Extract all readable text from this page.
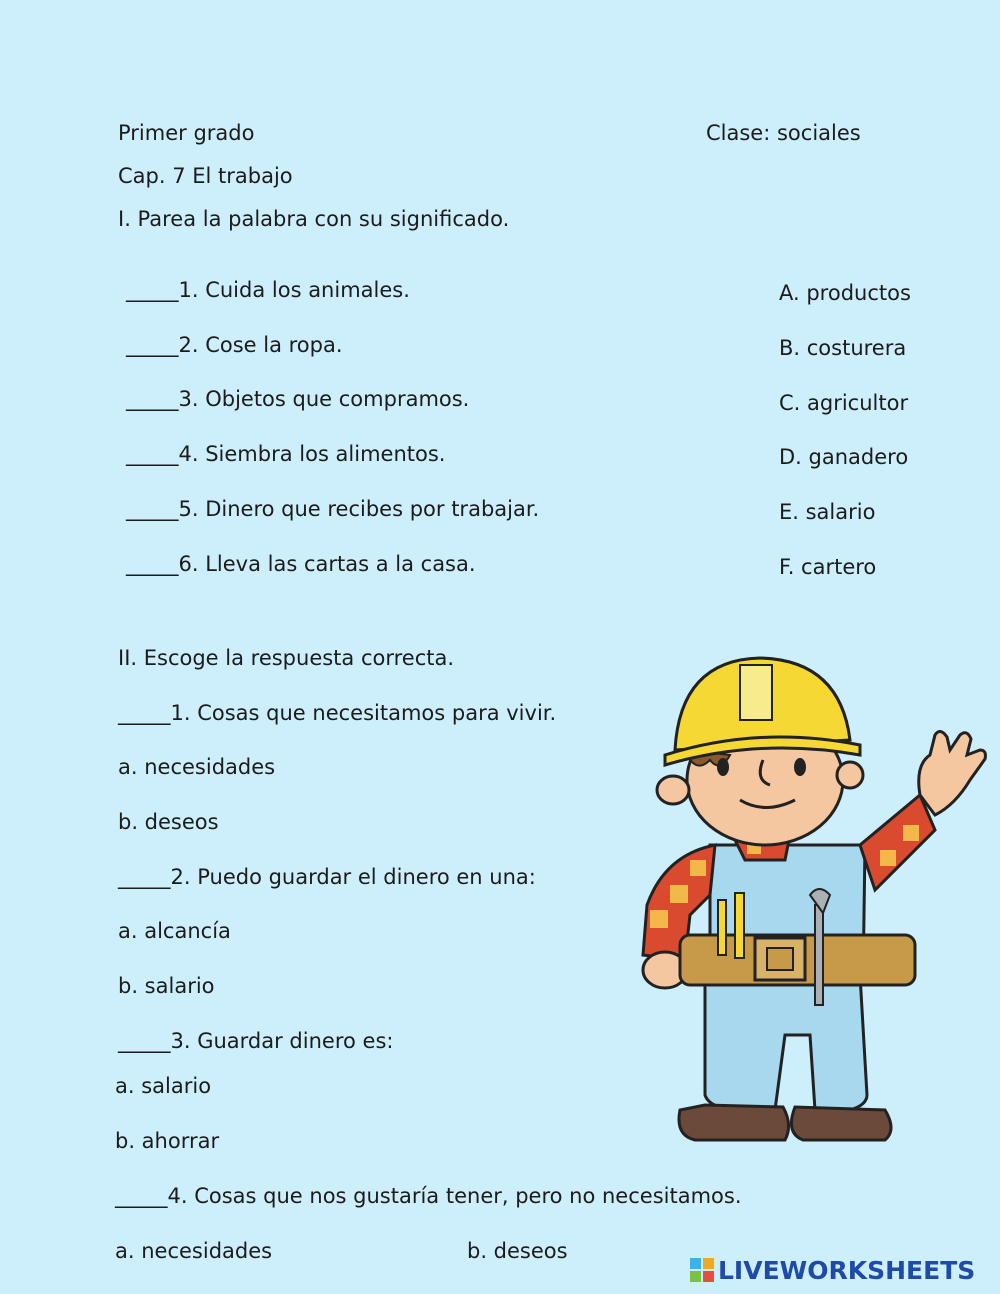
Primer grado	Clase: sociales
Cap. 7 El trabajo
I. Parea la palabra con su significado.
_____1. Cuida los animales.
_____2. Cose la ropa.
_____3. Objetos que compramos.
_____4. Siembra los alimentos.
_____5. Dinero que recibes por trabajar.
_____6. Lleva las cartas a la casa.
A. productos
B. costurera
C. agricultor
D. ganadero
E. salario
F. cartero
II. Escoge la respuesta correcta.
_____1. Cosas que necesitamos para vivir.
a. necesidades
b. deseos
_____2. Puedo guardar el dinero en una:
a. alcancía
b. salario
_____3. Guardar dinero es:
a. salario
b. ahorrar
_____4. Cosas que nos gustaría tener, pero no necesitamos.
a. necesidades	b. deseos
LIVEWORKSHEETS
